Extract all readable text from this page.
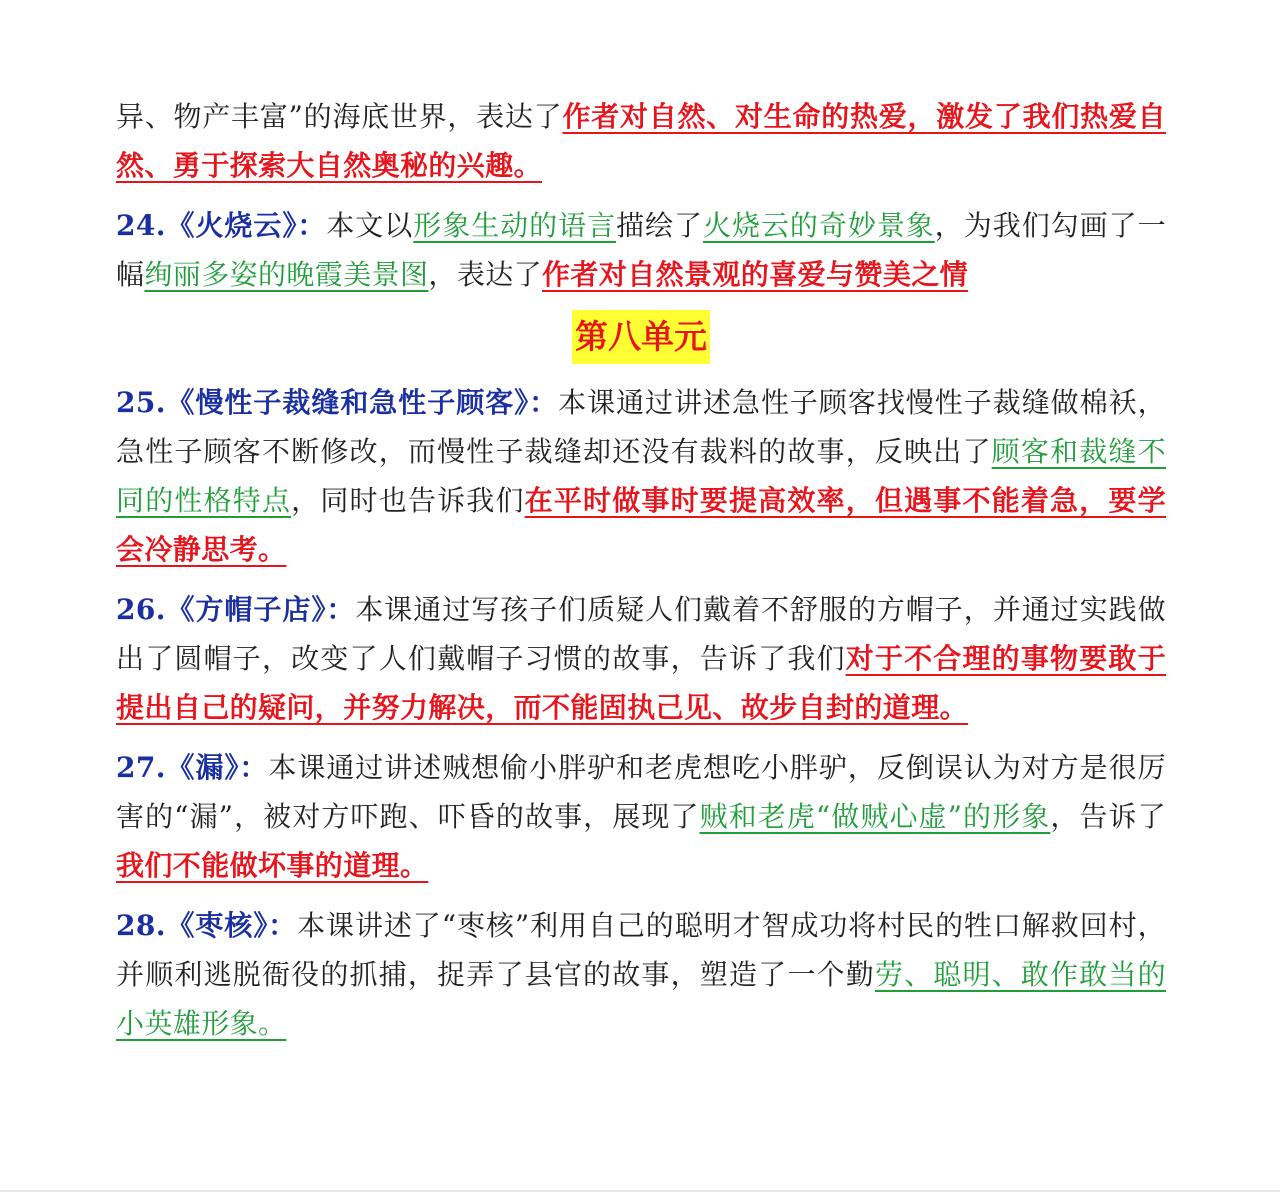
异、物产丰富”的海底世界，表达了作者对自然、对生命的热爱，激发了我们热爱自然、勇于探索大自然奥秘的兴趣。

24.《火烧云》：本文以形象生动的语言描绘了火烧云的奇妙景象，为我们勾画了一幅绚丽多姿的晚霞美景图，表达了作者对自然景观的喜爱与赞美之情

第八单元

25.《慢性子裁缝和急性子顾客》：本课通过讲述急性子顾客找慢性子裁缝做棉袄，急性子顾客不断修改，而慢性子裁缝却还没有裁料的故事，反映出了顾客和裁缝不同的性格特点，同时也告诉我们在平时做事时要提高效率，但遇事不能着急，要学会冷静思考。

26.《方帽子店》：本课通过写孩子们质疑人们戴着不舒服的方帽子，并通过实践做出了圆帽子，改变了人们戴帽子习惯的故事，告诉了我们对于不合理的事物要敢于提出自己的疑问，并努力解决，而不能固执己见、故步自封的道理。

27.《漏》：本课通过讲述贼想偷小胖驴和老虎想吃小胖驴，反倒误认为对方是很厉害的“漏”，被对方吓跑、吓昏的故事，展现了贼和老虎“做贼心虚”的形象，告诉了我们不能做坏事的道理。

28.《枣核》：本课讲述了“枣核”利用自己的聪明才智成功将村民的牲口解救回村，并顺利逃脱衙役的抓捕，捉弄了县官的故事，塑造了一个勤劳、聪明、敢作敢当的小英雄形象。
